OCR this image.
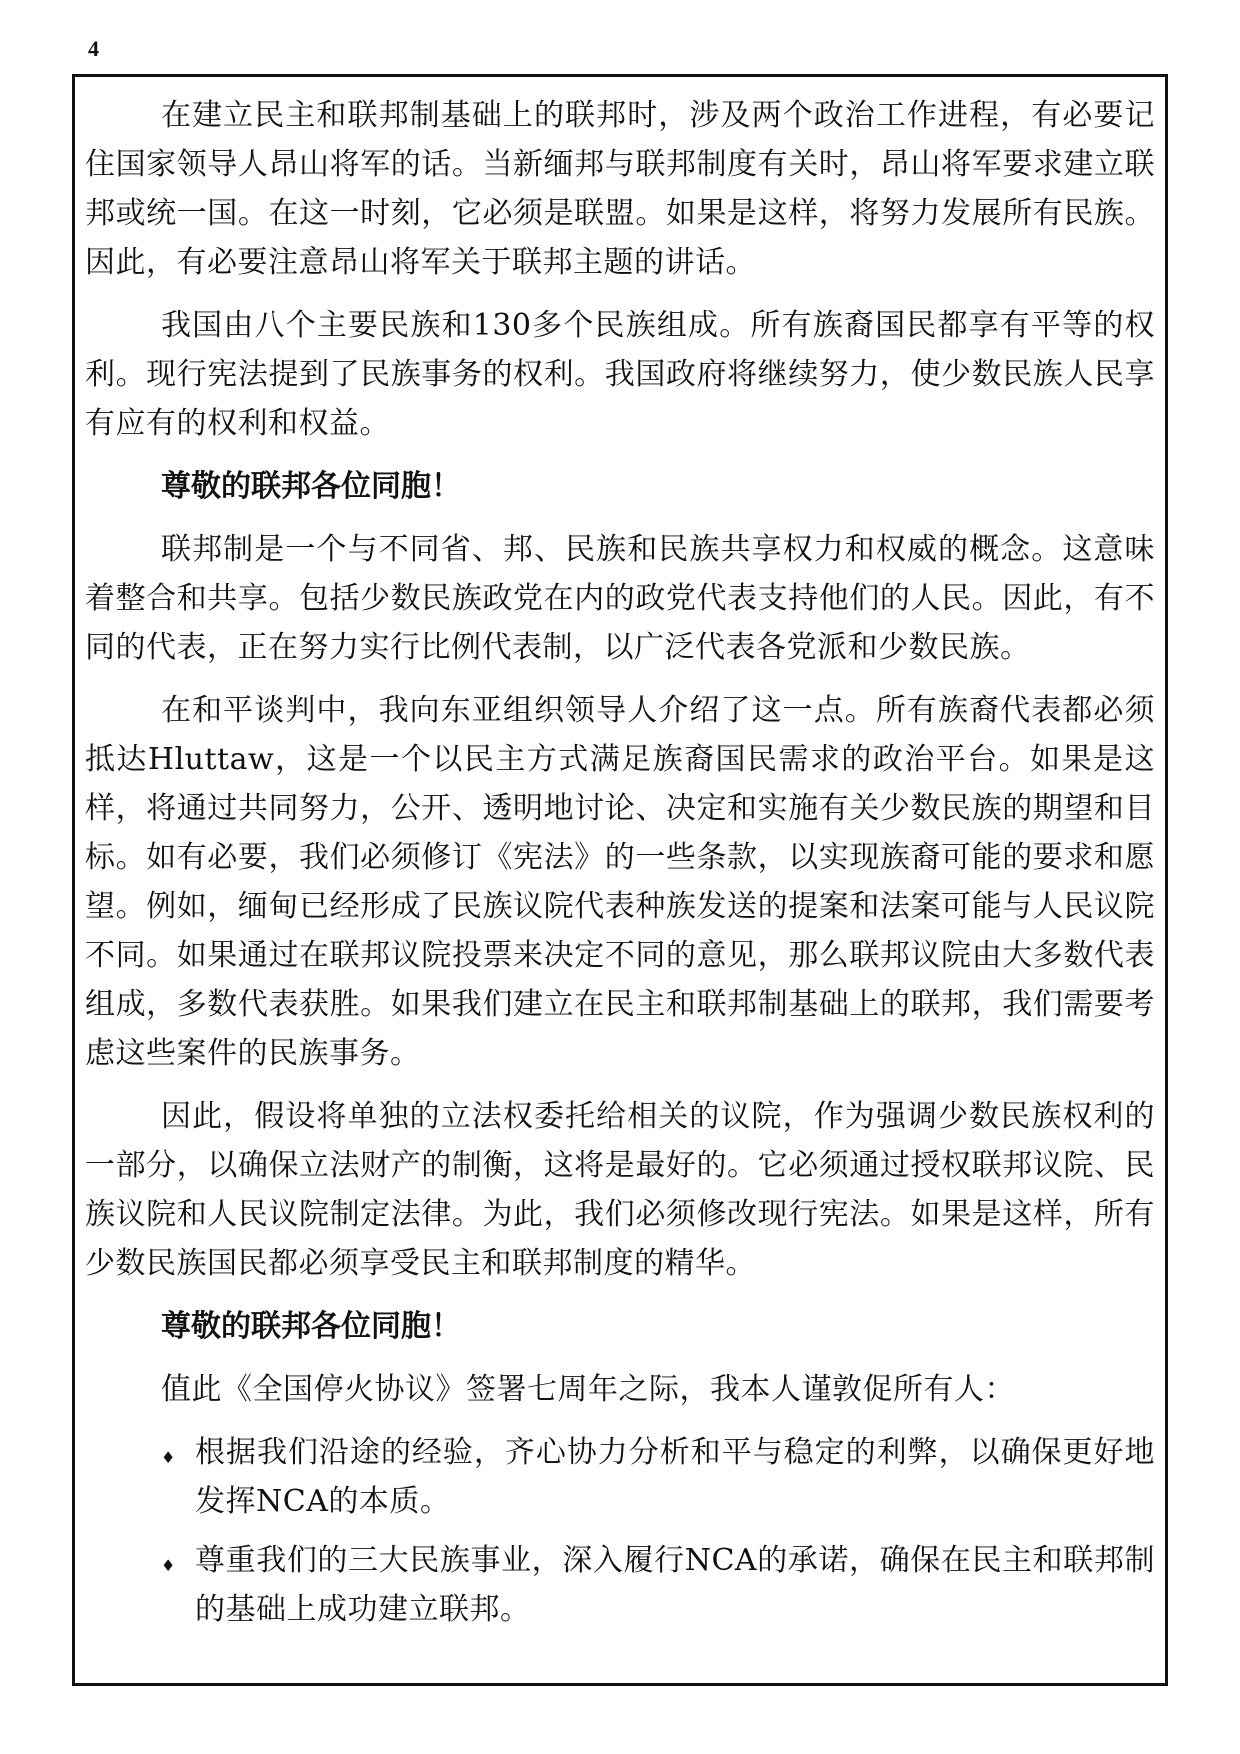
4

在建立民主和联邦制基础上的联邦时，涉及两个政治工作进程，有必要记住国家领导人昂山将军的话。当新缅邦与联邦制度有关时，昂山将军要求建立联邦或统一国。在这一时刻，它必须是联盟。如果是这样，将努力发展所有民族。因此，有必要注意昂山将军关于联邦主题的讲话。

我国由八个主要民族和130多个民族组成。所有族裔国民都享有平等的权利。现行宪法提到了民族事务的权利。我国政府将继续努力，使少数民族人民享有应有的权利和权益。

尊敬的联邦各位同胞！

联邦制是一个与不同省、邦、民族和民族共享权力和权威的概念。这意味着整合和共享。包括少数民族政党在内的政党代表支持他们的人民。因此，有不同的代表，正在努力实行比例代表制，以广泛代表各党派和少数民族。

在和平谈判中，我向东亚组织领导人介绍了这一点。所有族裔代表都必须抵达Hluttaw，这是一个以民主方式满足族裔国民需求的政治平台。如果是这样，将通过共同努力，公开、透明地讨论、决定和实施有关少数民族的期望和目标。如有必要，我们必须修订《宪法》的一些条款，以实现族裔可能的要求和愿望。例如，缅甸已经形成了民族议院代表种族发送的提案和法案可能与人民议院不同。如果通过在联邦议院投票来决定不同的意见，那么联邦议院由大多数代表组成，多数代表获胜。如果我们建立在民主和联邦制基础上的联邦，我们需要考虑这些案件的民族事务。

因此，假设将单独的立法权委托给相关的议院，作为强调少数民族权利的一部分，以确保立法财产的制衡，这将是最好的。它必须通过授权联邦议院、民族议院和人民议院制定法律。为此，我们必须修改现行宪法。如果是这样，所有少数民族国民都必须享受民主和联邦制度的精华。

尊敬的联邦各位同胞！

值此《全国停火协议》签署七周年之际，我本人谨敦促所有人：

♦ 根据我们沿途的经验，齐心协力分析和平与稳定的利弊，以确保更好地发挥NCA的本质。
♦ 尊重我们的三大民族事业，深入履行NCA的承诺，确保在民主和联邦制的基础上成功建立联邦。
